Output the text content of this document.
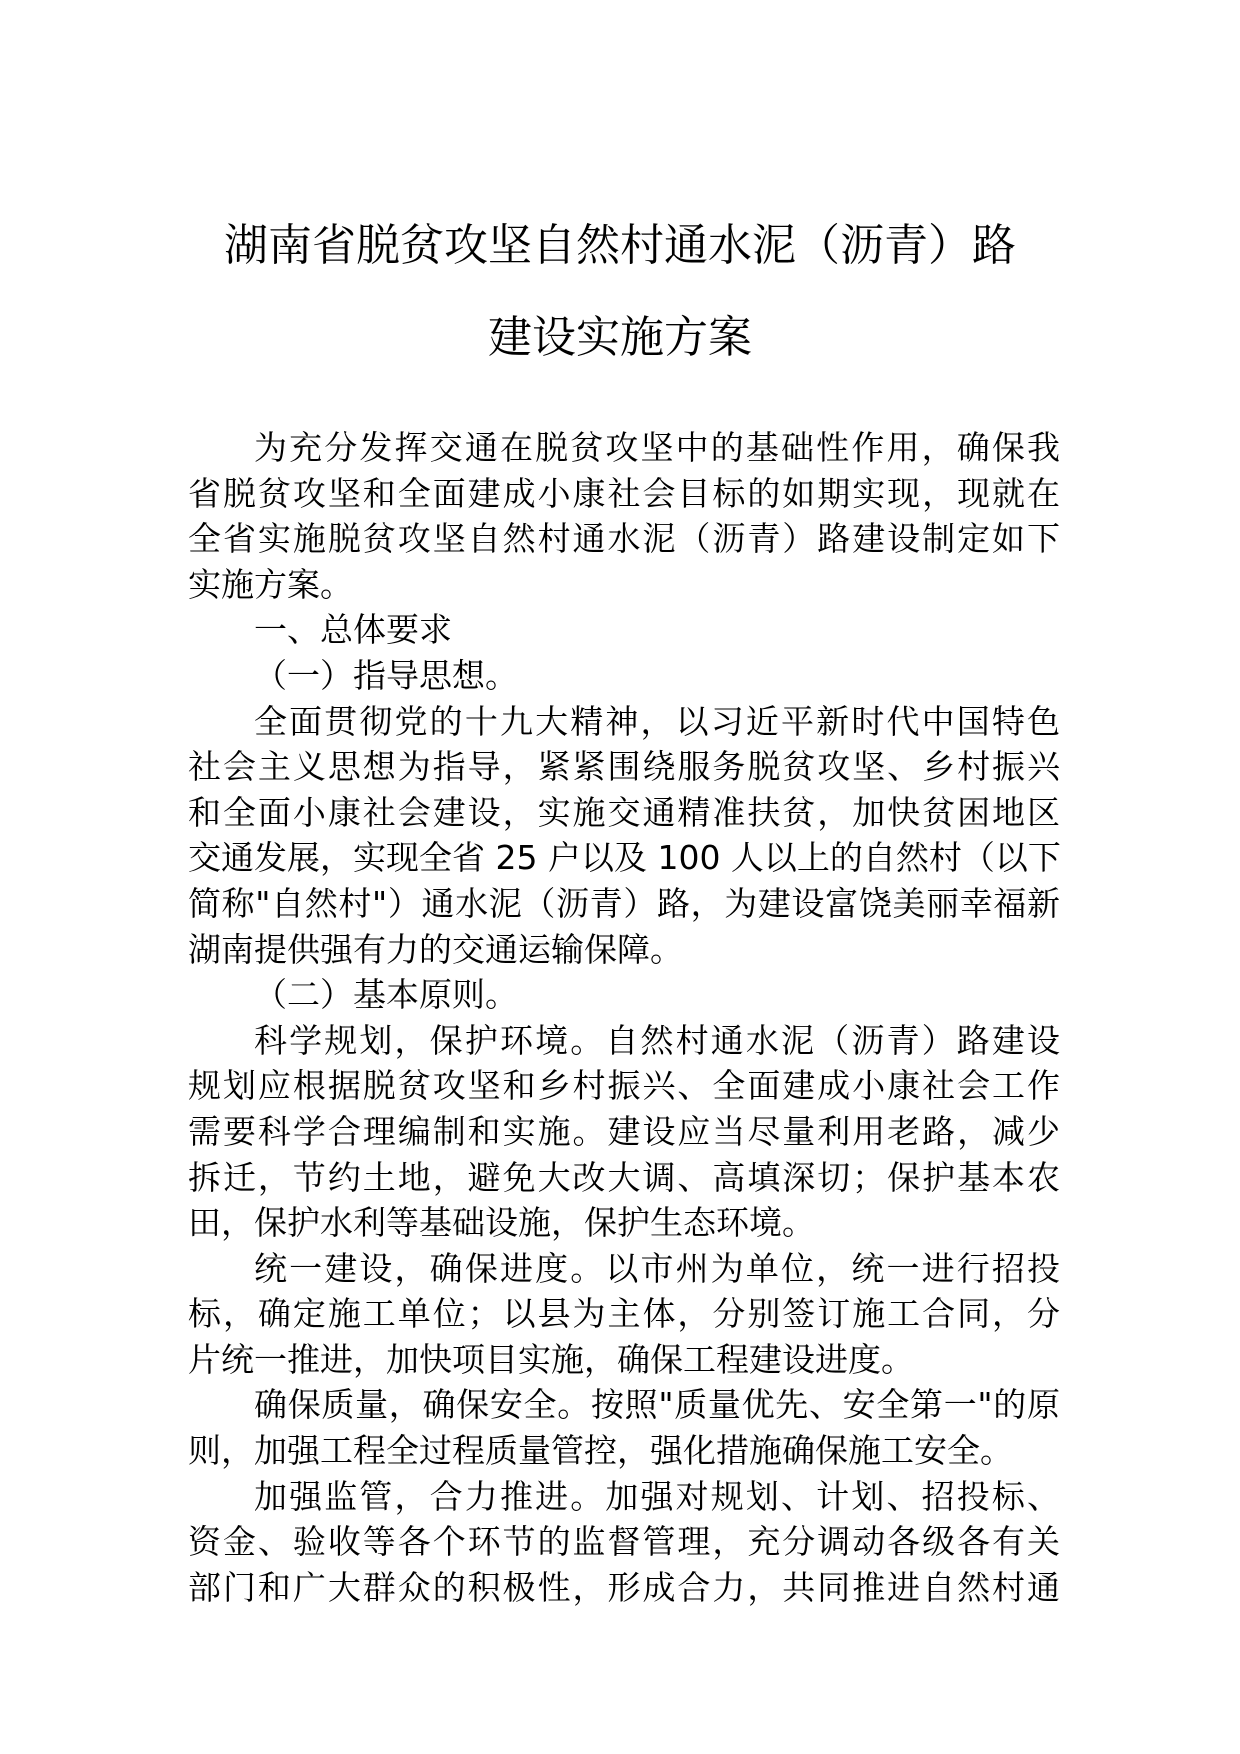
湖南省脱贫攻坚自然村通水泥（沥青）路
建设实施方案
为充分发挥交通在脱贫攻坚中的基础性作用，确保我
省脱贫攻坚和全面建成小康社会目标的如期实现，现就在
全省实施脱贫攻坚自然村通水泥（沥青）路建设制定如下
实施方案。
一、总体要求
（一）指导思想。
全面贯彻党的十九大精神，以习近平新时代中国特色
社会主义思想为指导，紧紧围绕服务脱贫攻坚、乡村振兴
和全面小康社会建设，实施交通精准扶贫，加快贫困地区
交通发展，实现全省 25 户以及 100 人以上的自然村（以下
简称"自然村"）通水泥（沥青）路，为建设富饶美丽幸福新
湖南提供强有力的交通运输保障。
（二）基本原则。
科学规划，保护环境。自然村通水泥（沥青）路建设
规划应根据脱贫攻坚和乡村振兴、全面建成小康社会工作
需要科学合理编制和实施。建设应当尽量利用老路，减少
拆迁，节约土地，避免大改大调、高填深切；保护基本农
田，保护水利等基础设施，保护生态环境。
统一建设，确保进度。以市州为单位，统一进行招投
标，确定施工单位；以县为主体，分别签订施工合同，分
片统一推进，加快项目实施，确保工程建设进度。
确保质量，确保安全。按照"质量优先、安全第一"的原
则，加强工程全过程质量管控，强化措施确保施工安全。
加强监管，合力推进。加强对规划、计划、招投标、
资金、验收等各个环节的监督管理，充分调动各级各有关
部门和广大群众的积极性，形成合力，共同推进自然村通
